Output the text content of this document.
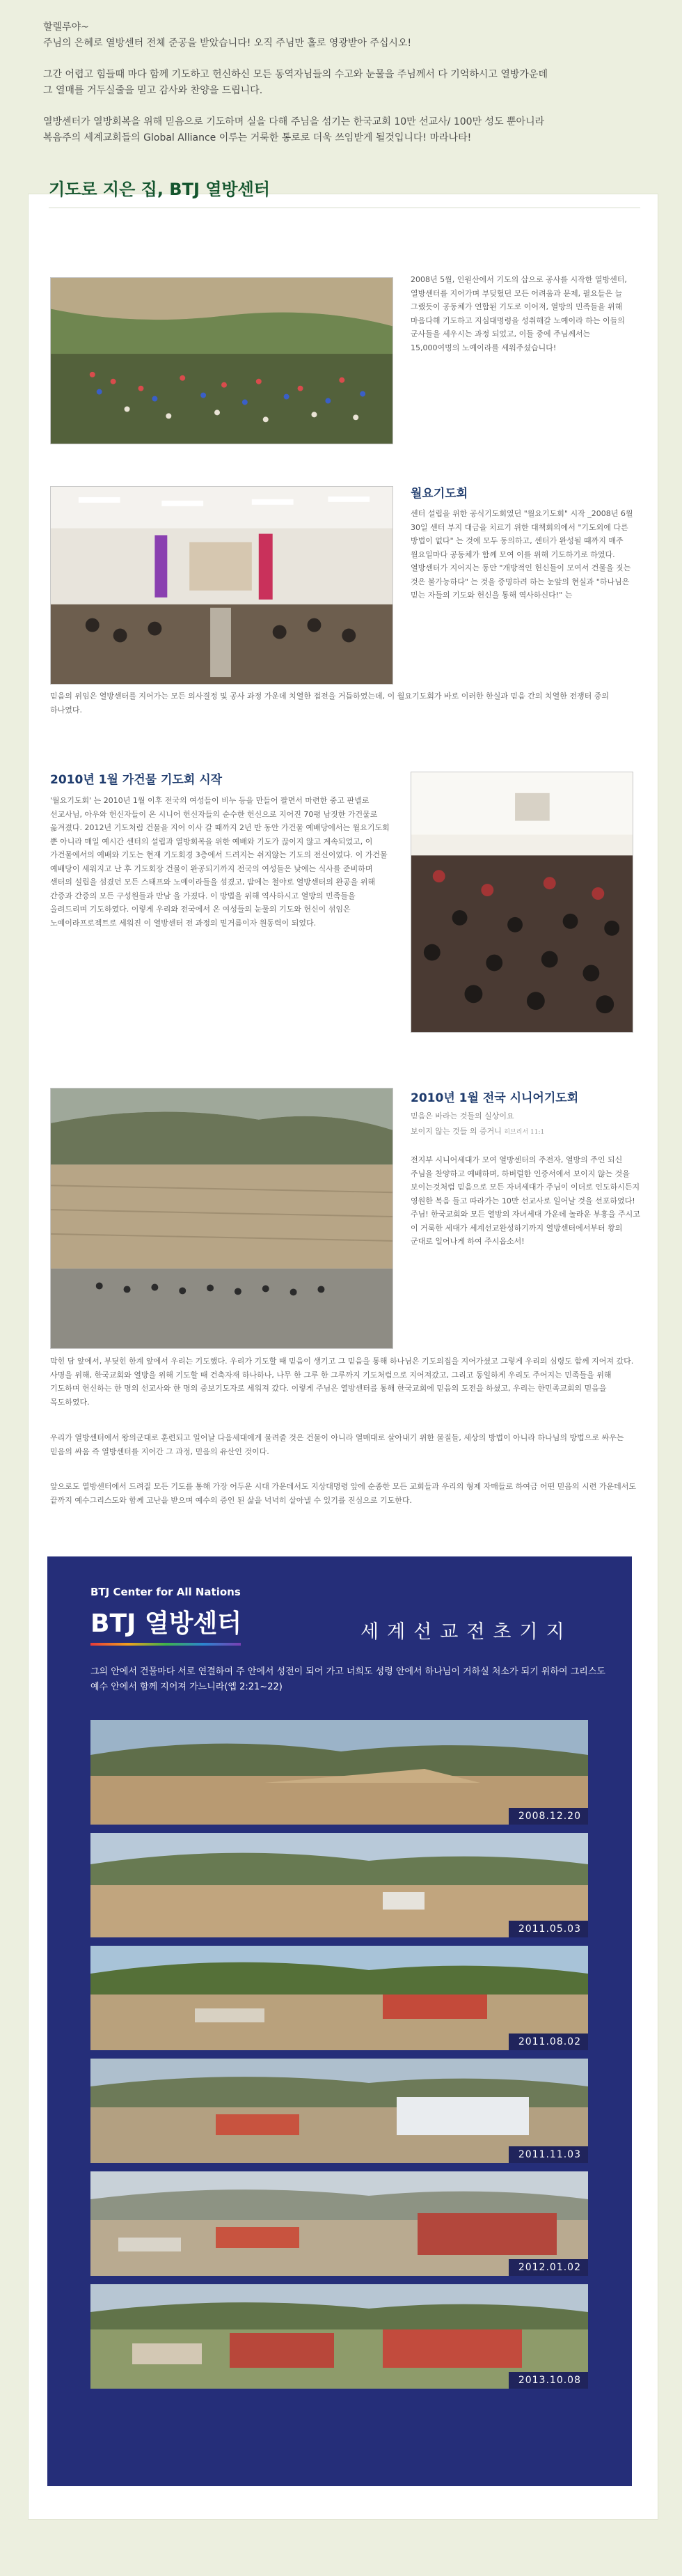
할렐루야~
주님의 은혜로 열방센터 전체 준공을 받았습니다! 오직 주님만 홀로 영광받아 주십시오!

그간 어렵고 힘들때 마다 함께 기도하고 헌신하신 모든 동역자님들의 수고와 눈물을 주님께서 다 기억하시고 열방가운데
그 열매를 거두실줄을 믿고 감사와 찬양을 드립니다.

열방센터가 열방회복을 위해 믿음으로 기도하며 실을 다해 주님을 섬기는 한국교회 10만 선교사/ 100만 성도 뿐아니라
복음주의 세계교회들의 Global Alliance 이루는 거룩한 통로로 더욱 쓰임받게 될것입니다! 마라나타!

기도로 지은 집, BTJ 열방센터
2008년 5월, 인원산에서 기도의 삽으로 공사를 시작한 열방센터, 열방센터를 지어가며 부딪혔던 모든 어려움과 문제, 필요들은 늘 그랬듯이 공동체가 연합된 기도로 이어져, 열방의 민족들을 위해 마음다해 기도하고 지심대명령을 성취해갈 노예이라 하는 이들의 군사들을 세우시는 과정 되었고, 이들 중에 주님께서는 15,000여명의 노예이라를 세워주셨습니다!
월요기도회
센터 설립을 위한 공식기도회였던 "월요기도회" 시작 _2008년 6월 30일 센터 부지 대금을 치르기 위한 대책회의에서 "기도외에 다른 방법이 없다" 는 것에 모두 동의하고, 센터가 완성될 때까지 매주 월요일마다 공동체가 함께 모여 이를 위해 기도하기로 하였다. 열방센터가 지어지는 동안 "개방적인 헌신들이 모여서 건물을 짓는 것은 불가능하다" 는 것을 증명하려 하는 눈앞의 현실과 "하나님은 믿는 자들의 기도와 헌신을 통해 역사하신다!" 는
믿음의 위임은 열방센터를 지어가는 모든 의사결정 및 공사 과정 가운데 치열한 접전을 거듭하였는데, 이 월요기도회가 바로 이러한 한실과 믿음 간의 치열한 전쟁터 중의 하나였다.
2010년 1월 가건물 기도회 시작
'월요기도회' 는 2010년 1월 이후 전국의 여성들이 비누 등을 만들어 팔면서 마련한 중고 판넬로 선교사님, 아우와 헌신자들이 온 시니어 헌신자들의 순수한 헌신으로 지어진 70평 남짓한 가건물로 옮겨졌다. 2012년 기도처럼 건물을 지어 이사 갈 때까지 2년 반 동안 가건물 예배당에서는 월요기도회 뿐 아니라 매일 예시간 센터의 설립과 열방회복을 위한 예배와 기도가 끊이지 않고 계속되었고, 이 가건물에서의 예배와 기도는 현재 기도회경 3층에서 드려지는 쉬지않는 기도의 전신이었다. 이 가건물 예배당이 세워지고 난 후 기도회장 건물이 완공되기까지 전국의 여성들은 낮에는 식사를 준비하며 센터의 설립을 섬겼던 모든 스태프와 노예이라들을 섬겼고, 밤에는 철야로 열방센터의 완공을 위해 간증과 간증의 모든 구성원들과 만남 을 가졌다. 이 방법을 위해 역사하시고 열방의 민족들을 올려드리며 기도하였다. 이렇게 우리와 전국에서 온 여성들의 눈물의 기도와 헌신이 섞임은 노예이라프로젝트로 세워진 이 열방센터 전 과정의 밑거름이자 원동력이 되었다.
2010년 1월 전국 시니어기도회
믿음은 바라는 것들의 실상이요
보이지 않는 것들 의 증거니 히브리서 11:1
전지부 시니어세대가 모여 열방센터의 주전자, 열방의 주인 되신 주님을 찬양하고 예배하며, 하버럴한 인증서에서 보이지 않는 것을 보이는것처럼 믿음으로 모든 자녀세대가 주님이 이더로 인도하시든지 영원한 복음 들고 따라가는 10만 선교사로 일어날 것을 선포하였다! 주님! 한국교회와 모든 열방의 자녀세대 가운데 놀라운 부흥을 주시고 이 거룩한 세대가 세계선교완성하기까지 열방센터에서부터 왕의 군대로 일어나게 하여 주시옵소서!
막힌 담 앞에서, 부딪힌 한계 앞에서 우리는 기도했다. 우리가 기도할 때 믿음이 생기고 그 믿음을 통해 하나님은 기도의집을 지어가셨고 그렇게 우리의 심령도 함께 지어져 갔다. 사명을 위해, 한국교회와 열방을 위해 기도할 때 건축자재 하나하나, 나무 한 그루 한 그루까지 기도처럼으로 지어져갔고, 그리고 동일하게 우리도 주어지는 민족들을 위해 기도하며 헌신하는 한 명의 선교사와 한 명의 중보기도자로 세워져 갔다. 이렇게 주님은 열방센터를 통해 한국교회에 믿음의 도전을 하셨고, 우리는 한민족교회의 믿음을 목도하였다.
우리가 열방센터에서 왕의군대로 훈련되고 일어날 다음세대에게 물려줄 것은 건물이 아니라 열매대로 살아내기 위한 물질들, 세상의 방법이 아니라 하나님의 방법으로 싸우는 믿음의 싸움 즉 열방센터를 지어간 그 과정, 믿음의 유산인 것이다.
앞으로도 열방센터에서 드려질 모든 기도를 통해 가장 어두운 시대 가운데서도 지상대명령 앞에 순종한 모든 교회들과 우리의 형제 자매들로 하여금 어떤 믿음의 시련 가운데서도 끝까지 예수그리스도와 함께 고난을 받으며 예수의 증인 된 삶을 넉넉히 살아낼 수 있기를 진심으로 기도한다.
BTJ Center for All Nations
BTJ 열방센터	세계선교전초기지
그의 안에서 건물마다 서로 연결하여 주 안에서 성전이 되어 가고 너희도 성령 안에서 하나님이 거하실 처소가 되기 위하여 그리스도 예수 안에서 함께 지어져 가느니라(엡 2:21~22)
2008.12.20
2011.05.03
2011.08.02
2011.11.03
2012.01.02
2013.10.08
